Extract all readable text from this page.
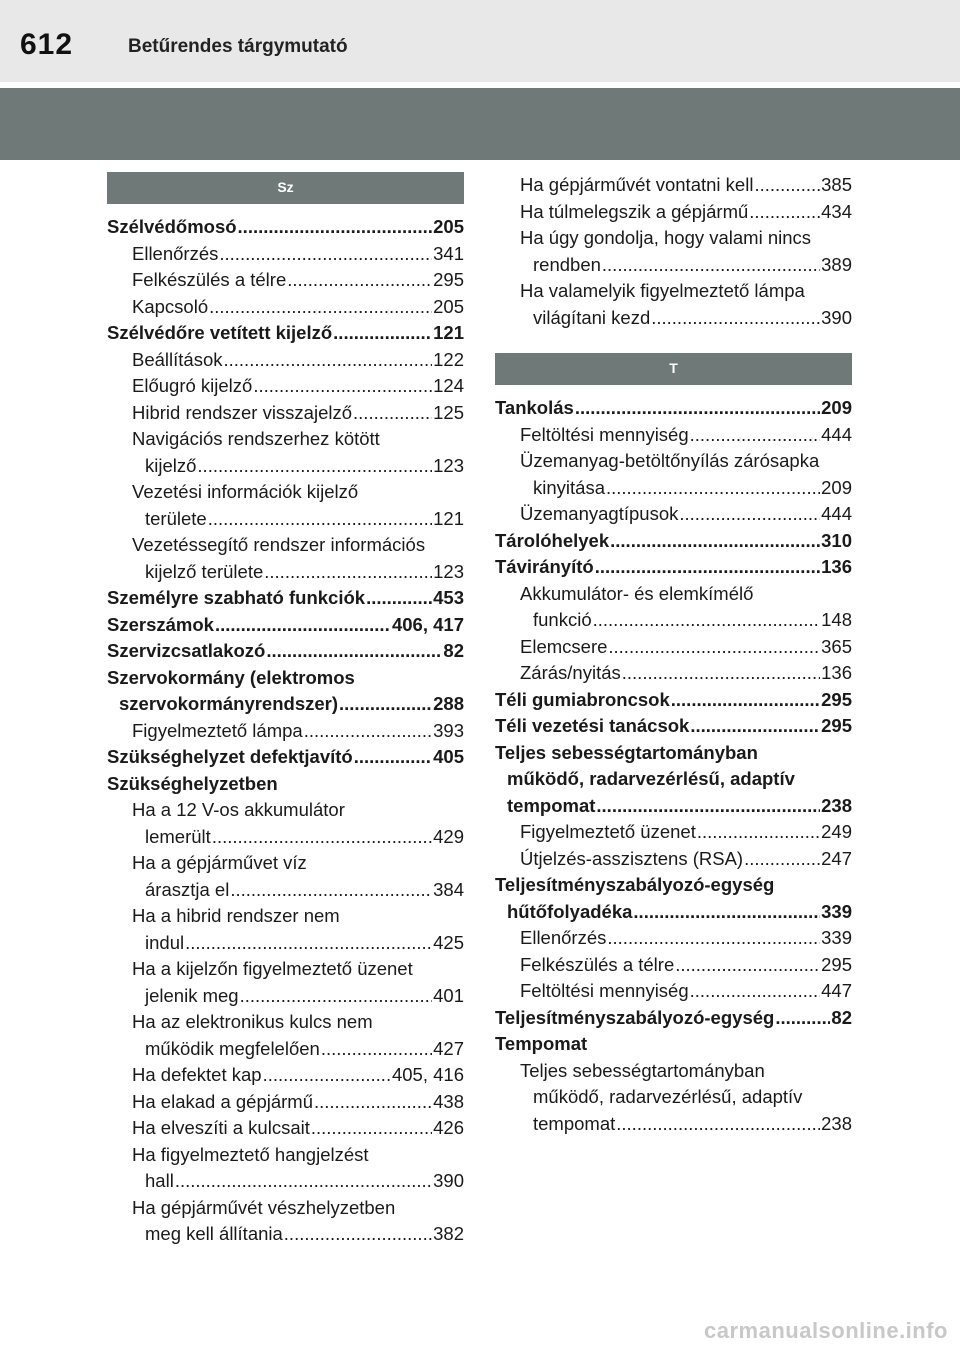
612	Betűrendes tárgymutató
Sz
Szélvédőmosó .....	205
Ellenőrzés .....	341
Felkészülés a télre .....	295
Kapcsoló .....	205
Szélvédőre vetített kijelző .....	121
Beállítások .....	122
Előugró kijelző .....	124
Hibrid rendszer visszajelző .....	125
Navigációs rendszerhez kötött
kijelző .....	123
Vezetési információk kijelző
területe .....	121
Vezetéssegítő rendszer információs
kijelző területe .....	123
Személyre szabható funkciók .....	453
Szerszámok .....	406, 417
Szervizcsatlakozó .....	82
Szervokormány (elektromos
szervokormányrendszer) .....	288
Figyelmeztető lámpa .....	393
Szükséghelyzet defektjavító .....	405
Szükséghelyzetben
Ha a 12 V-os akkumulátor
lemerült .....	429
Ha a gépjárművet víz
árasztja el .....	384
Ha a hibrid rendszer nem
indul .....	425
Ha a kijelzőn figyelmeztető üzenet
jelenik meg .....	401
Ha az elektronikus kulcs nem
működik megfelelően .....	427
Ha defektet kap .....	405, 416
Ha elakad a gépjármű .....	438
Ha elveszíti a kulcsait .....	426
Ha figyelmeztető hangjelzést
hall .....	390
Ha gépjárművét vészhelyzetben
meg kell állítania .....	382
Ha gépjárművét vontatni kell .....	385
Ha túlmelegszik a gépjármű .....	434
Ha úgy gondolja, hogy valami nincs
rendben .....	389
Ha valamelyik figyelmeztető lámpa
világítani kezd .....	390
T
Tankolás .....	209
Feltöltési mennyiség .....	444
Üzemanyag-betöltőnyílás zárósapka
kinyitása .....	209
Üzemanyagtípusok .....	444
Tárolóhelyek .....	310
Távirányító .....	136
Akkumulátor- és elemkímélő
funkció .....	148
Elemcsere .....	365
Zárás/nyitás .....	136
Téli gumiabroncsok .....	295
Téli vezetési tanácsok .....	295
Teljes sebességtartományban
működő, radarvezérlésű, adaptív
tempomat .....	238
Figyelmeztető üzenet .....	249
Útjelzés-asszisztens (RSA) .....	247
Teljesítményszabályozó-egység
hűtőfolyadéka .....	339
Ellenőrzés .....	339
Felkészülés a télre .....	295
Feltöltési mennyiség .....	447
Teljesítményszabályozó-egység .....	82
Tempomat
Teljes sebességtartományban
működő, radarvezérlésű, adaptív
tempomat .....	238
carmanualsonline.info
